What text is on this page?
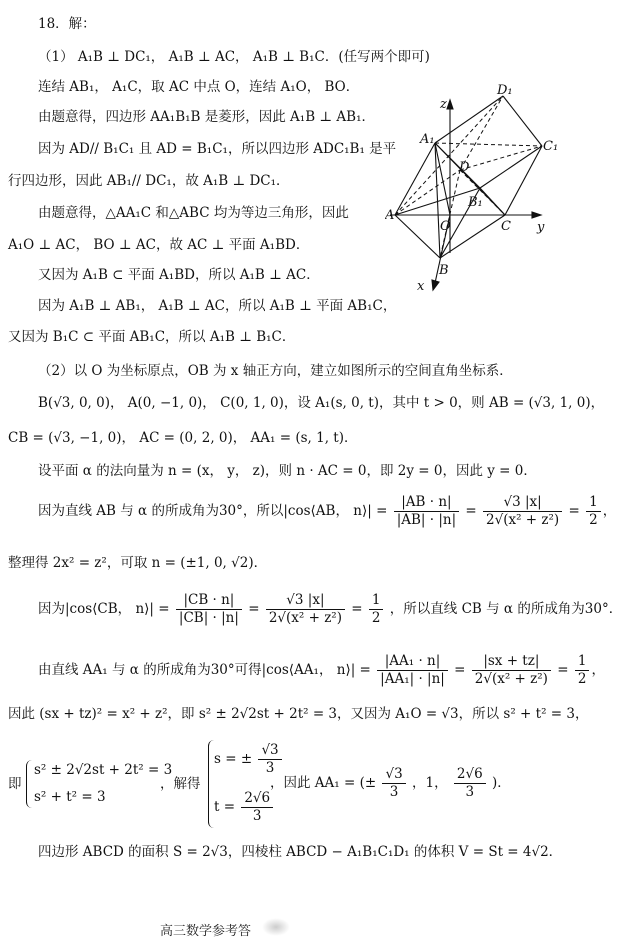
18．解：
（1） A₁B ⊥ DC₁， A₁B ⊥ AC， A₁B ⊥ B₁C．(任写两个即可)
连结 AB₁， A₁C，取 AC 中点 O，连结 A₁O， BO．
由题意得，四边形 AA₁B₁B 是菱形，因此 A₁B ⊥ AB₁．
因为 AD// B₁C₁ 且 AD = B₁C₁，所以四边形 ADC₁B₁ 是平
行四边形，因此 AB₁// DC₁，故 A₁B ⊥ DC₁．
由题意得，△AA₁C 和△ABC 均为等边三角形，因此
A₁O ⊥ AC， BO ⊥ AC，故 AC ⊥ 平面 A₁BD．
又因为 A₁B ⊂ 平面 A₁BD，所以 A₁B ⊥ AC．
因为 A₁B ⊥ AB₁， A₁B ⊥ AC，所以 A₁B ⊥ 平面 AB₁C，
又因为 B₁C ⊂ 平面 AB₁C，所以 A₁B ⊥ B₁C．
（2）以 O 为坐标原点，OB 为 x 轴正方向，建立如图所示的空间直角坐标系．
B(√3, 0, 0)， A(0, −1, 0)， C(0, 1, 0)，设 A₁(s, 0, t)，其中 t > 0，则 AB = (√3, 1, 0)，
CB = (√3, −1, 0)， AC = (0, 2, 0)， AA₁ = (s, 1, t)．
设平面 α 的法向量为 n = (x， y， z)，则 n · AC = 0，即 2y = 0，因此 y = 0．
因为直线 AB 与 α 的所成角为30°，所以|cos⟨AB， n⟩| = $\frac{|AB \cdot n|}{|AB| \cdot |n|} = \frac{√3 |x|}{\text{2√(x² + z²)}} = \frac{1}{2}$ ，
整理得 2x² = z²，可取 n = (±1, 0, √2)．
因为|cos⟨CB， n⟩| = $\frac{|CB \cdot n|}{|CB| \cdot |n|} = \frac{√3 |x|}{\text{2√(x² + z²)}} = \frac{1}{2}$ ，所以直线 CB 与 α 的所成角为30°．
由直线 AA₁ 与 α 的所成角为30°可得|cos⟨AA₁， n⟩| = $\frac{\text{|AA₁ · n|}}{\text{|AA₁| · |n|}} = \frac{|sx + tz|}{\text{2√(x² + z²)}} = \frac{1}{2}$ ，
因此 (sx + tz)² = x² + z²，即 s² ± 2√2st + 2t² = 3，又因为 A₁O = √3，所以 s² + t² = 3，
即
s² ± 2√2st + 2t² = 3
s² + t² = 3
，解得
s = ± $\frac{√3}{3}$
$t = \frac{2√6}{3}$
，因此 AA₁ = (± $\frac{√3}{3}$ ，1， $\frac{2√6}{3}$ )．
四边形 ABCD 的面积 S = 2√3，四棱柱 ABCD − A₁B₁C₁D₁ 的体积 V = St = 4√2．
z
y
x
A
B
C
D
O
A₁
B₁
C₁
D₁
高三数学参考答
